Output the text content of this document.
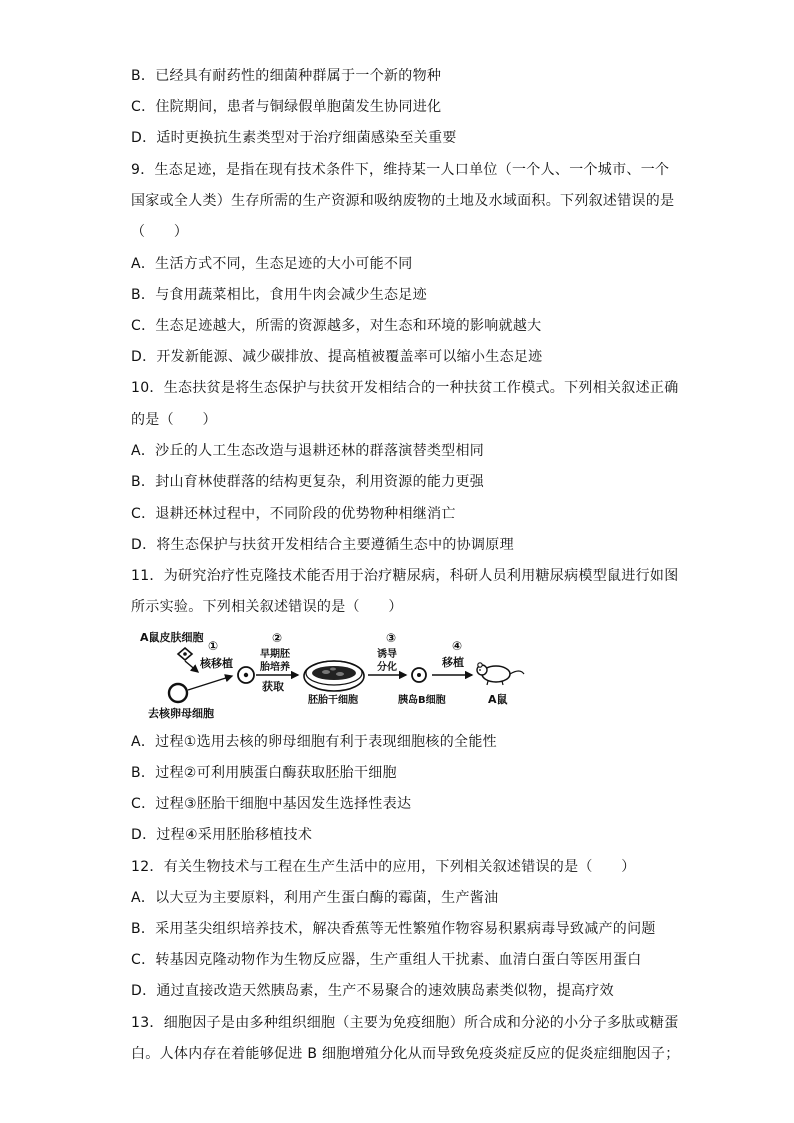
B．已经具有耐药性的细菌种群属于一个新的物种

C．住院期间，患者与铜绿假单胞菌发生协同进化

D．适时更换抗生素类型对于治疗细菌感染至关重要

9．生态足迹，是指在现有技术条件下，维持某一人口单位（一个人、一个城市、一个

国家或全人类）生存所需的生产资源和吸纳废物的土地及水域面积。下列叙述错误的是

（　　）

A．生活方式不同，生态足迹的大小可能不同

B．与食用蔬菜相比，食用牛肉会减少生态足迹

C．生态足迹越大，所需的资源越多，对生态和环境的影响就越大

D．开发新能源、减少碳排放、提高植被覆盖率可以缩小生态足迹

10．生态扶贫是将生态保护与扶贫开发相结合的一种扶贫工作模式。下列相关叙述正确

的是（　　）

A．沙丘的人工生态改造与退耕还林的群落演替类型相同

B．封山育林使群落的结构更复杂，利用资源的能力更强

C．退耕还林过程中，不同阶段的优势物种相继消亡

D．将生态保护与扶贫开发相结合主要遵循生态中的协调原理

11．为研究治疗性克隆技术能否用于治疗糖尿病，科研人员利用糖尿病模型鼠进行如图

所示实验。下列相关叙述错误的是（　　）

A鼠皮肤细胞
去核卵母细胞
①
核移植
②
早期胚
胎培养
获取
胚胎干细胞
③
诱导
分化
胰岛B细胞
④
移植
A鼠

A．过程①选用去核的卵母细胞有利于表现细胞核的全能性

B．过程②可利用胰蛋白酶获取胚胎干细胞

C．过程③胚胎干细胞中基因发生选择性表达

D．过程④采用胚胎移植技术

12．有关生物技术与工程在生产生活中的应用，下列相关叙述错误的是（　　）

A．以大豆为主要原料，利用产生蛋白酶的霉菌，生产酱油

B．采用茎尖组织培养技术，解决香蕉等无性繁殖作物容易积累病毒导致减产的问题

C．转基因克隆动物作为生物反应器，生产重组人干扰素、血清白蛋白等医用蛋白

D．通过直接改造天然胰岛素，生产不易聚合的速效胰岛素类似物，提高疗效

13．细胞因子是由多种组织细胞（主要为免疫细胞）所合成和分泌的小分子多肽或糖蛋

白。人体内存在着能够促进 B 细胞增殖分化从而导致免疫炎症反应的促炎症细胞因子；
